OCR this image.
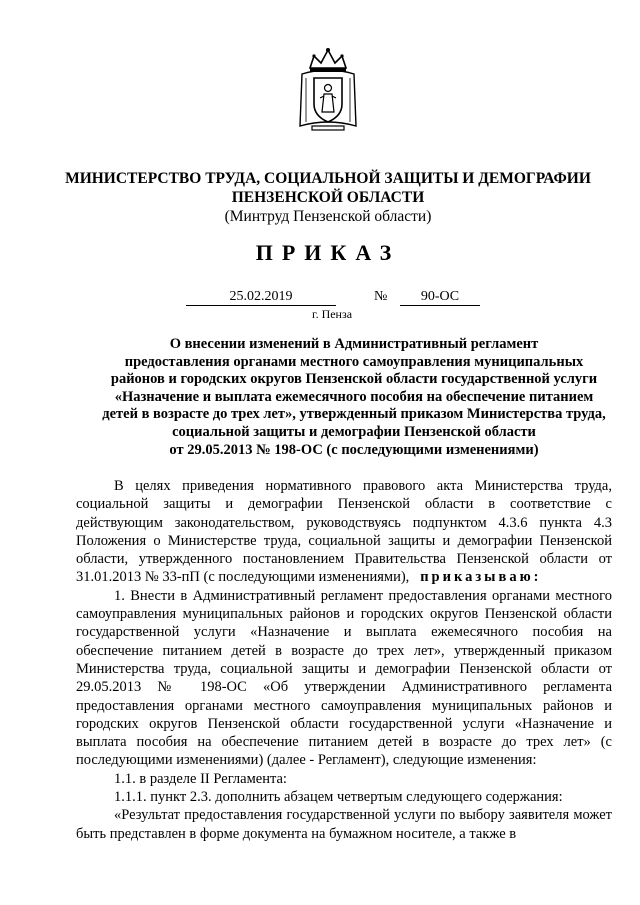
МИНИСТЕРСТВО ТРУДА, СОЦИАЛЬНОЙ ЗАЩИТЫ И ДЕМОГРАФИИ
ПЕНЗЕНСКОЙ ОБЛАСТИ
(Минтруд Пензенской области)
ПРИКАЗ
25.02.2019	№	90-ОС
г. Пенза
О внесении изменений в Административный регламент
предоставления органами местного самоуправления муниципальных
районов и городских округов Пензенской области государственной услуги
«Назначение и выплата ежемесячного пособия на обеспечение питанием
детей в возрасте до трех лет», утвержденный приказом Министерства труда,
социальной защиты и демографии Пензенской области
от 29.05.2013 № 198-ОС (с последующими изменениями)

В целях приведения нормативного правового акта Министерства труда, социальной защиты и демографии Пензенской области в соответствие с действующим законодательством, руководствуясь подпунктом 4.3.6 пункта 4.3 Положения о Министерстве труда, социальной защиты и демографии Пензенской области, утвержденного постановлением Правительства Пензенской области от 31.01.2013 № 33-пП (с последующими изменениями), приказываю:

1. Внести в Административный регламент предоставления органами местного самоуправления муниципальных районов и городских округов Пензенской области государственной услуги «Назначение и выплата ежемесячного пособия на обеспечение питанием детей в возрасте до трех лет», утвержденный приказом Министерства труда, социальной защиты и демографии Пензенской области от 29.05.2013 № 198-ОС «Об утверждении Административного регламента предоставления органами местного самоуправления муниципальных районов и городских округов Пензенской области государственной услуги «Назначение и выплата пособия на обеспечение питанием детей в возрасте до трех лет» (с последующими изменениями) (далее - Регламент), следующие изменения:

1.1. в разделе II Регламента:

1.1.1. пункт 2.3. дополнить абзацем четвертым следующего содержания:

«Результат предоставления государственной услуги по выбору заявителя может быть представлен в форме документа на бумажном носителе, а также в
